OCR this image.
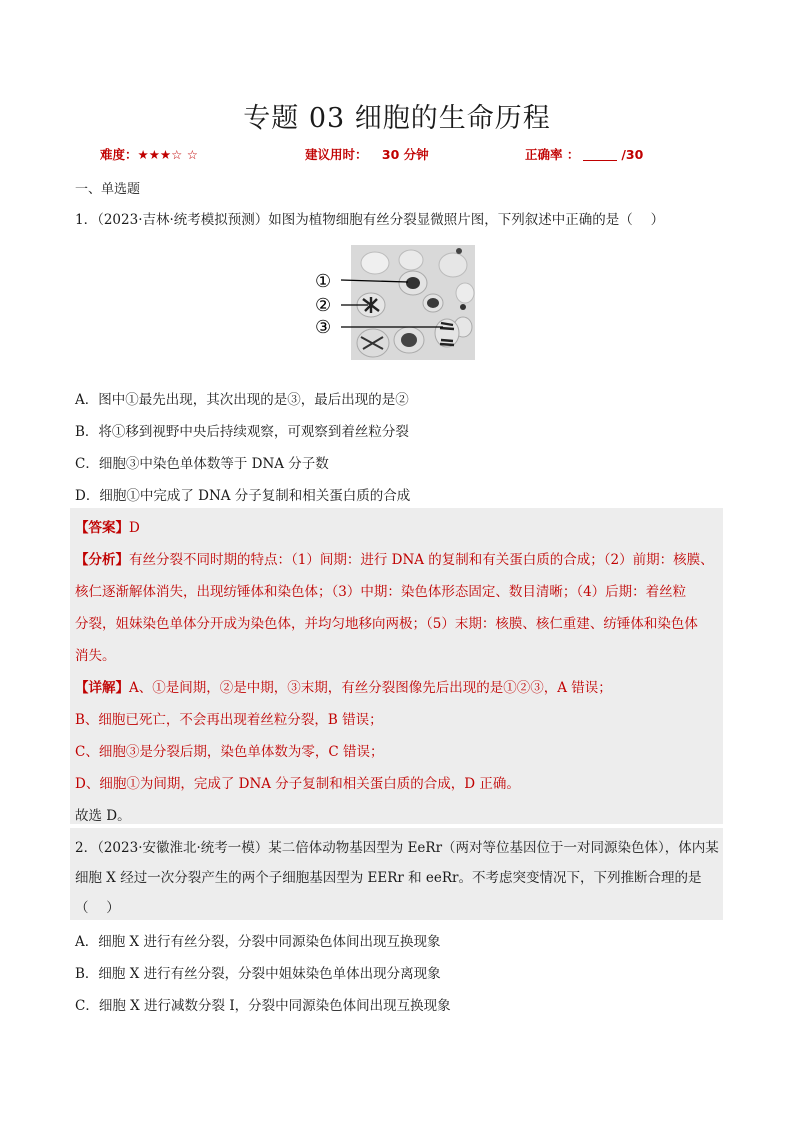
专题 03 细胞的生命历程
难度：★★★☆ ☆	建议用时： 30 分钟	正确率 ：	/30
一、单选题
1．（2023·吉林·统考模拟预测）如图为植物细胞有丝分裂显微照片图，下列叙述中正确的是（　 ）
①
②
③
A．图中①最先出现，其次出现的是③，最后出现的是②
B．将①移到视野中央后持续观察，可观察到着丝粒分裂
C．细胞③中染色单体数等于 DNA 分子数
D．细胞①中完成了 DNA 分子复制和相关蛋白质的合成
【答案】D
【分析】有丝分裂不同时期的特点：（1）间期：进行 DNA 的复制和有关蛋白质的合成；（2）前期：核膜、
核仁逐渐解体消失，出现纺锤体和染色体；（3）中期：染色体形态固定、数目清晰；（4）后期：着丝粒
分裂，姐妹染色单体分开成为染色体，并均匀地移向两极；（5）末期：核膜、核仁重建、纺锤体和染色体
消失。
【详解】A、①是间期，②是中期，③末期，有丝分裂图像先后出现的是①②③，A 错误；
B、细胞已死亡，不会再出现着丝粒分裂，B 错误；
C、细胞③是分裂后期，染色单体数为零，C 错误；
D、细胞①为间期，完成了 DNA 分子复制和相关蛋白质的合成，D 正确。
故选 D。
2．（2023·安徽淮北·统考一模）某二倍体动物基因型为 EeRr（两对等位基因位于一对同源染色体），体内某
细胞 X 经过一次分裂产生的两个子细胞基因型为 EERr 和 eeRr。不考虑突变情况下，下列推断合理的是
（　 ）
A．细胞 X 进行有丝分裂，分裂中同源染色体间出现互换现象
B．细胞 X 进行有丝分裂，分裂中姐妹染色单体出现分离现象
C．细胞 X 进行减数分裂 I，分裂中同源染色体间出现互换现象
